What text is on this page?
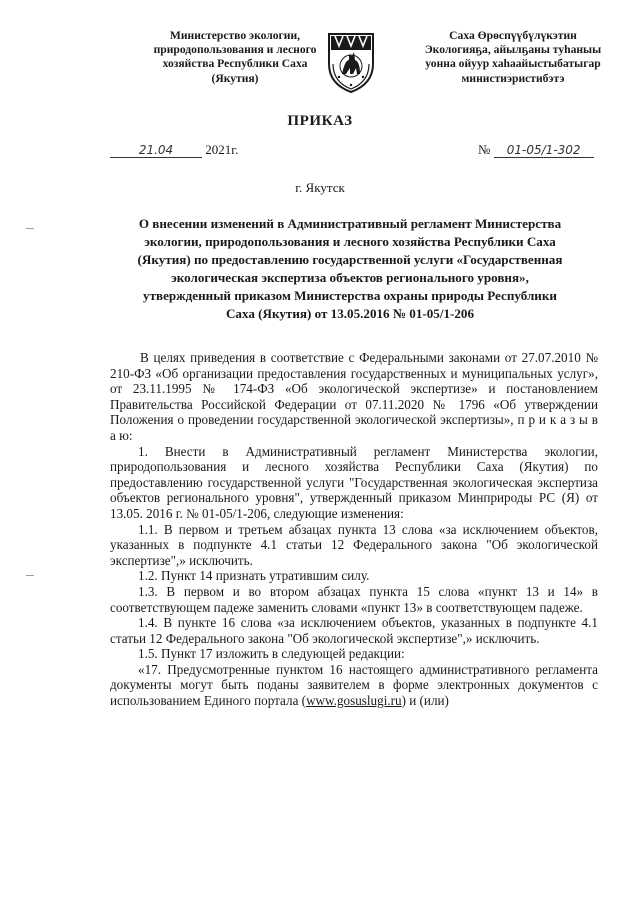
Министерство экологии,
природопользования и лесного
хозяйства Республики Саха
(Якутия)
Саха Өрөспүүбүлүкэтин
Экологияҕа, айылҕаны туһаныы
уонна ойуур хаһаайыстыбатыгар
министиэристибэтэ
ПРИКАЗ
21.04 2021г.	№ 01-05/1-302
г. Якутск
О внесении изменений в Административный регламент Министерства
экологии, природопользования и лесного хозяйства Республики Саха
(Якутия) по предоставлению государственной услуги «Государственная
экологическая экспертиза объектов регионального уровня»,
утвержденный приказом Министерства охраны природы Республики
Саха (Якутия) от 13.05.2016 № 01-05/1-206

В целях приведения в соответствие с Федеральными законами от 27.07.2010 № 210-ФЗ «Об организации предоставления государственных и муниципальных услуг», от 23.11.1995 № 174-ФЗ «Об экологической экспертизе» и постановлением Правительства Российской Федерации от 07.11.2020 № 1796 «Об утверждении Положения о проведении государственной экологической экспертизы», п р и к а з ы в а ю:

1. Внести в Административный регламент Министерства экологии, природопользования и лесного хозяйства Республики Саха (Якутия) по предоставлению государственной услуги "Государственная экологическая экспертиза объектов регионального уровня", утвержденный приказом Минприроды РС (Я) от 13.05. 2016 г. № 01-05/1-206, следующие изменения:

1.1. В первом и третьем абзацах пункта 13 слова «за исключением объектов, указанных в подпункте 4.1 статьи 12 Федерального закона "Об экологической экспертизе",» исключить.

1.2. Пункт 14 признать утратившим силу.

1.3. В первом и во втором абзацах пункта 15 слова «пункт 13 и 14» в соответствующем падеже заменить словами «пункт 13» в соответствующем падеже.

1.4. В пункте 16 слова «за исключением объектов, указанных в подпункте 4.1 статьи 12 Федерального закона "Об экологической экспертизе",» исключить.

1.5. Пункт 17 изложить в следующей редакции:

«17. Предусмотренные пунктом 16 настоящего административного регламента документы могут быть поданы заявителем в форме электронных документов с использованием Единого портала (www.gosuslugi.ru) и (или)
